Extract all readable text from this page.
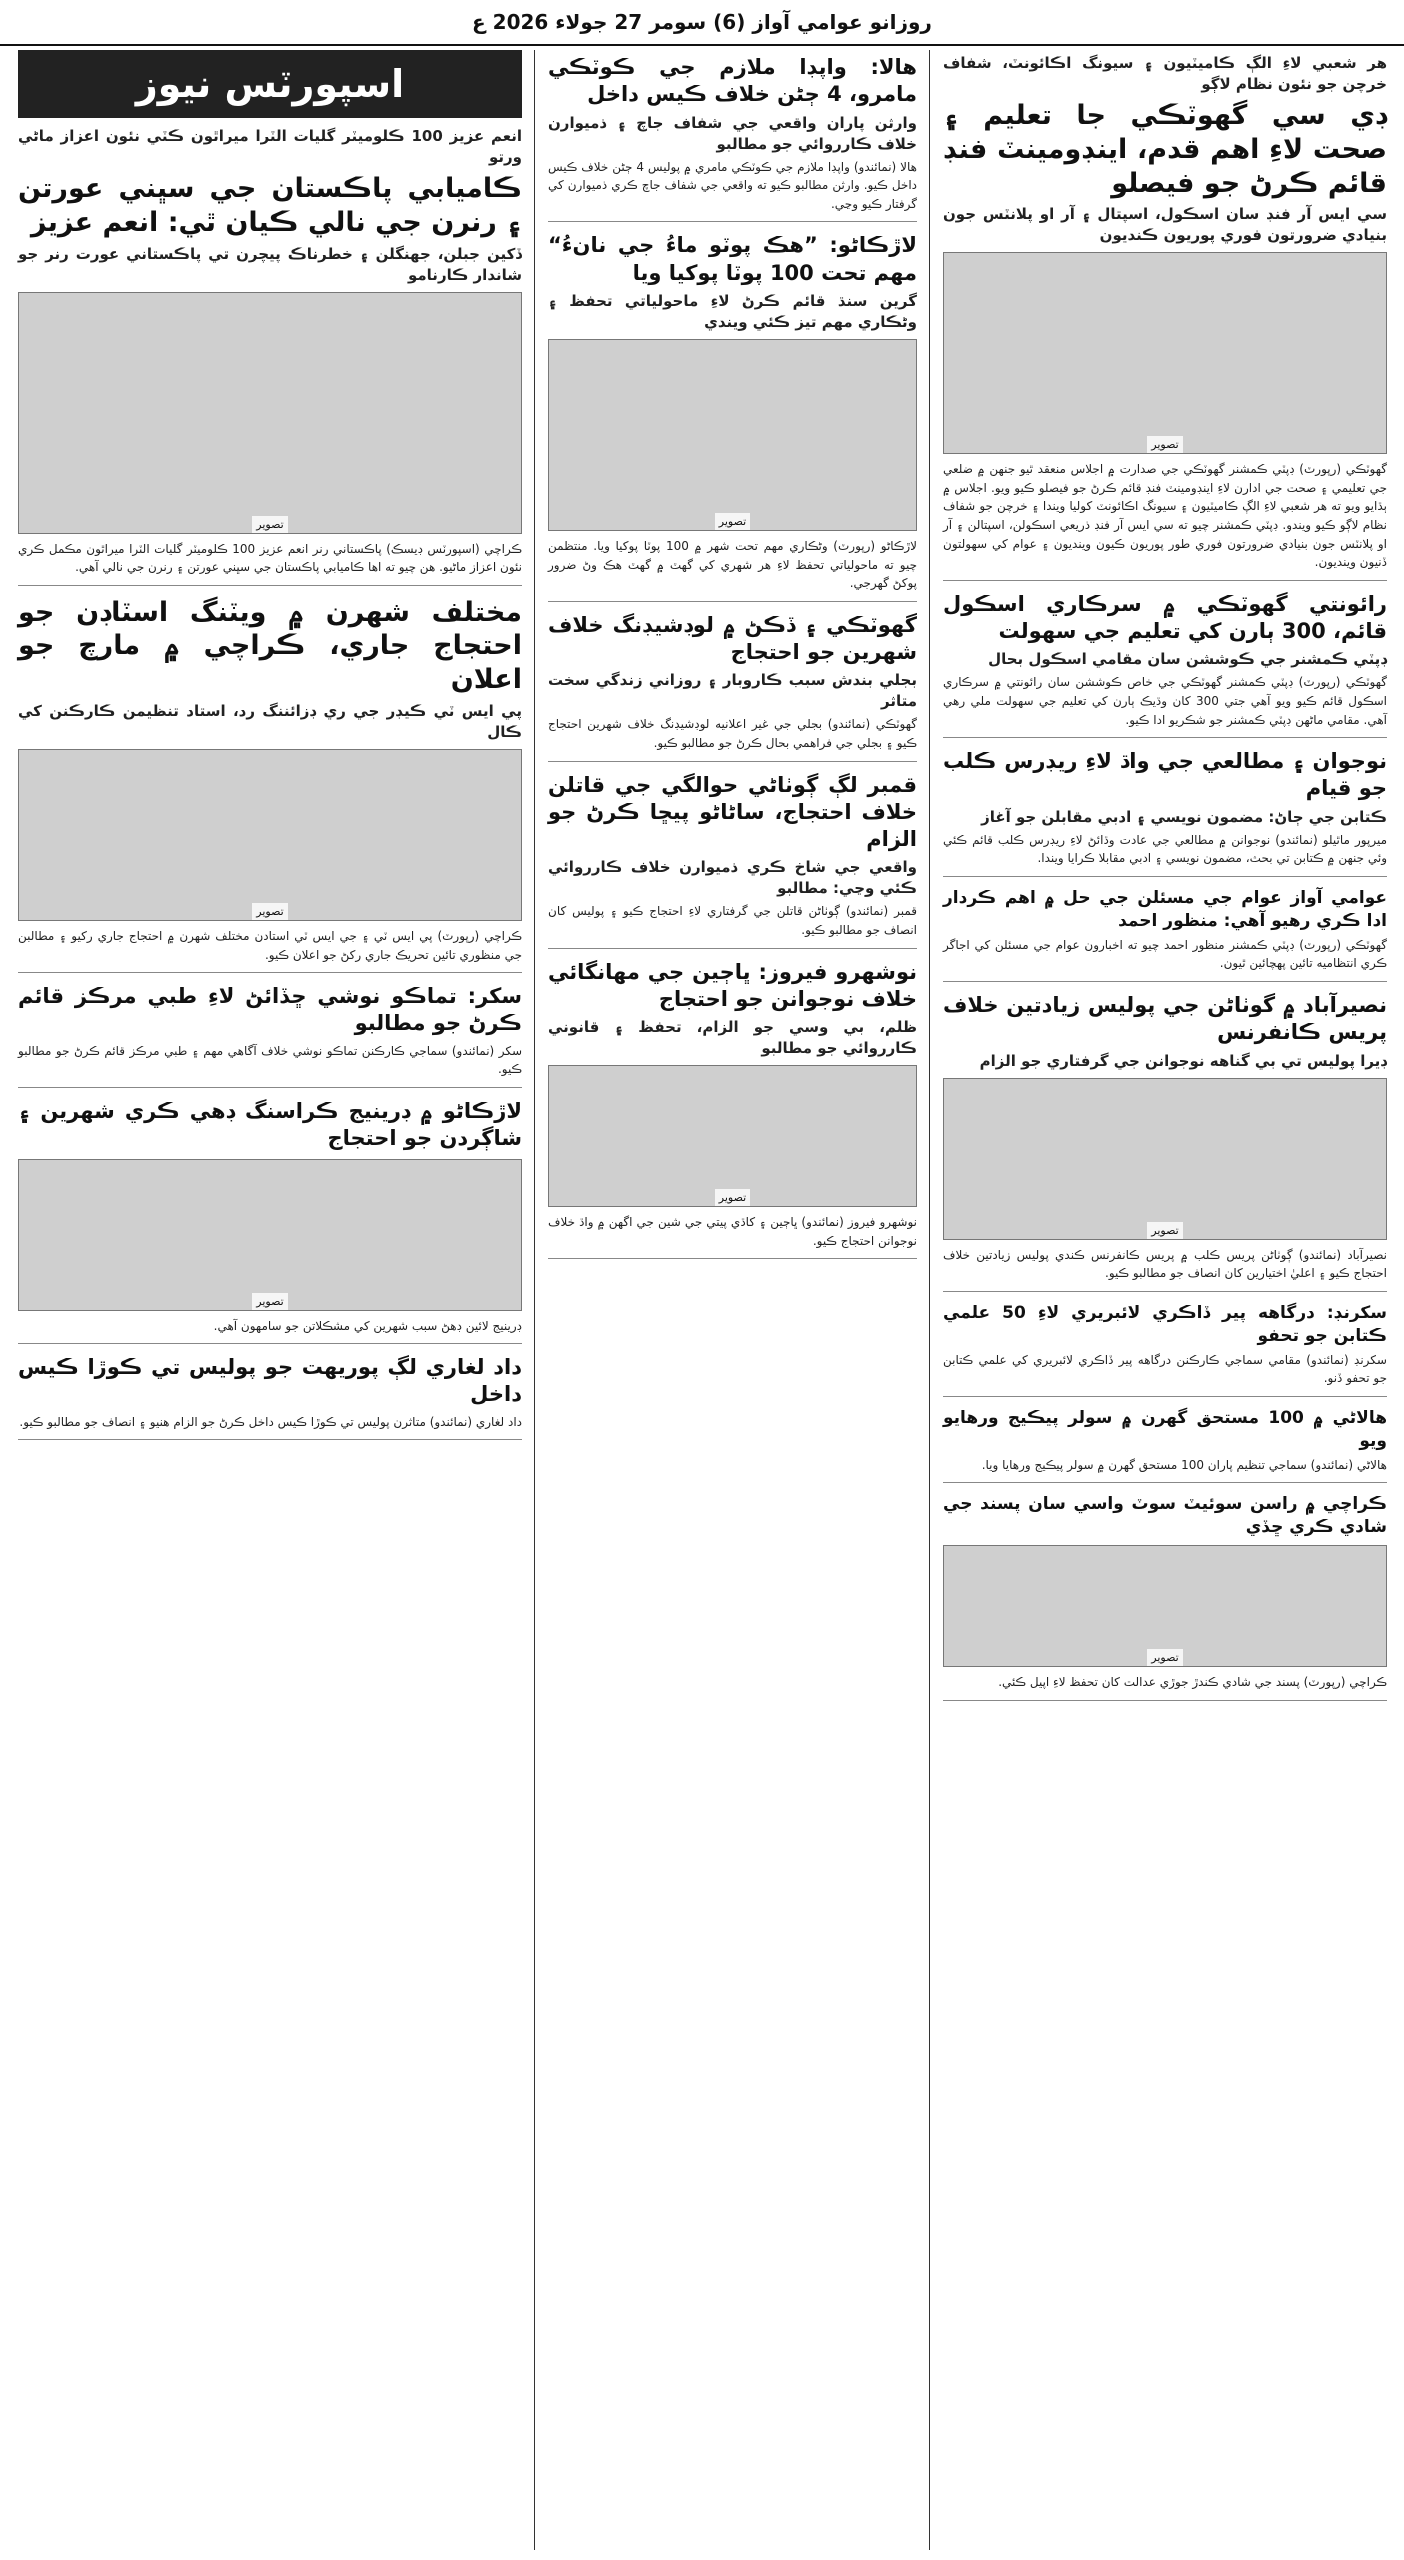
روزانو عوامي آواز (6) سومر 27 جولاء 2026 ع
هر شعبي لاءِ الڳ ڪاميٽيون ۽ سيونگ اڪائونٽ، شفاف خرچن جو نئون نظام لاڳو
ڊي سي گهوٽڪي جا تعليم ۽ صحت لاءِ اهم قدم، اينڊومينٽ فنڊ قائم ڪرڻ جو فيصلو
سي ايس آر فنڊ سان اسڪول، اسپتال ۽ آر او پلانٽس جون بنيادي ضرورتون فوري پوريون ڪنديون
تصوير

گهوٽڪي (رپورٽ) ڊپٽي ڪمشنر گهوٽڪي جي صدارت ۾ اجلاس منعقد ٿيو جنهن ۾ ضلعي جي تعليمي ۽ صحت جي ادارن لاءِ اينڊومينٽ فنڊ قائم ڪرڻ جو فيصلو ڪيو ويو. اجلاس ۾ ٻڌايو ويو ته هر شعبي لاءِ الڳ ڪاميٽيون ۽ سيونگ اڪائونٽ کوليا ويندا ۽ خرچن جو شفاف نظام لاڳو ڪيو ويندو. ڊپٽي ڪمشنر چيو ته سي ايس آر فنڊ ذريعي اسڪولن، اسپتالن ۽ آر او پلانٽس جون بنيادي ضرورتون فوري طور پوريون ڪيون وينديون ۽ عوام کي سهولتون ڏنيون وينديون.

رائونتي گهوٽڪي ۾ سرڪاري اسڪول قائم، 300 ٻارن کي تعليم جي سهولت
ڊپٽي ڪمشنر جي ڪوششن سان مقامي اسڪول بحال

گهوٽڪي (رپورٽ) ڊپٽي ڪمشنر گهوٽڪي جي خاص ڪوششن سان رائونتي ۾ سرڪاري اسڪول قائم ڪيو ويو آهي جتي 300 کان وڌيڪ ٻارن کي تعليم جي سهولت ملي رهي آهي. مقامي ماڻهن ڊپٽي ڪمشنر جو شڪريو ادا ڪيو.

نوجوان ۽ مطالعي جي واڌ لاءِ ريڊرس ڪلب جو قيام
ڪتابن جي ڄاڻ: مضمون نويسي ۽ ادبي مقابلن جو آغاز

ميرپور ماٿيلو (نمائندو) نوجوانن ۾ مطالعي جي عادت وڌائڻ لاءِ ريڊرس ڪلب قائم ڪئي وئي جنهن ۾ ڪتابن تي بحث، مضمون نويسي ۽ ادبي مقابلا ڪرايا ويندا.

عوامي آواز عوام جي مسئلن جي حل ۾ اهم ڪردار ادا ڪري رهيو آهي: منظور احمد

گهوٽڪي (رپورٽ) ڊپٽي ڪمشنر منظور احمد چيو ته اخبارون عوام جي مسئلن کي اجاگر ڪري انتظاميه تائين پهچائين ٿيون.

نصيرآباد ۾ گوٺاڻن جي پوليس زيادتين خلاف پريس ڪانفرنس
ڊيرا پوليس تي بي گناهه نوجوانن جي گرفتاري جو الزام
تصوير

نصيرآباد (نمائندو) ڳوٺاڻن پريس ڪلب ۾ پريس ڪانفرنس ڪندي پوليس زيادتين خلاف احتجاج ڪيو ۽ اعليٰ اختيارين کان انصاف جو مطالبو ڪيو.

سکرنڊ: درگاهه پير ڏاڪري لائبريري لاءِ 50 علمي ڪتابن جو تحفو

سکرنڊ (نمائندو) مقامي سماجي ڪارڪنن درگاهه پير ڏاڪري لائبريري کي علمي ڪتابن جو تحفو ڏنو.

هالاڻي ۾ 100 مستحق گهرن ۾ سولر پيڪيج ورهايو ويو

هالاڻي (نمائندو) سماجي تنظيم پاران 100 مستحق گهرن ۾ سولر پيڪيج ورهايا ويا.

ڪراچي ۾ راسن سوئيٽ سوٽ واسي سان پسند جي شادي ڪري ڇڏي
تصوير

ڪراچي (رپورٽ) پسند جي شادي ڪندڙ جوڙي عدالت کان تحفظ لاءِ اپيل ڪئي.

هالا: واپڊا ملازم جي ڪوٽڪي مامرو، 4 ڄڻن خلاف ڪيس داخل
وارثن پاران واقعي جي شفاف جاچ ۽ ذميوارن خلاف ڪارروائي جو مطالبو

هالا (نمائندو) واپڊا ملازم جي ڪوٽڪي مامري ۾ پوليس 4 ڄڻن خلاف ڪيس داخل ڪيو. وارثن مطالبو ڪيو ته واقعي جي شفاف جاچ ڪري ذميوارن کي گرفتار ڪيو وڃي.

لاڙڪاڻو: ”هڪ پوٽو ماءُ جي نانءُ“ مهم تحت 100 پوٽا پوکيا ويا
گرين سنڌ قائم ڪرڻ لاءِ ماحولياتي تحفظ ۽ وڻڪاري مهم تيز ڪئي ويندي
تصوير

لاڙڪاڻو (رپورٽ) وڻڪاري مهم تحت شهر ۾ 100 پوٽا پوکيا ويا. منتظمن چيو ته ماحولياتي تحفظ لاءِ هر شهري کي گهٽ ۾ گهٽ هڪ وڻ ضرور پوکڻ گهرجي.

گهوٽڪي ۽ ڏڪڻ ۾ لوڊشيڊنگ خلاف شهرين جو احتجاج
بجلي بندش سبب ڪاروبار ۽ روزاني زندگي سخت متاثر

گهوٽڪي (نمائندو) بجلي جي غير اعلانيه لوڊشيڊنگ خلاف شهرين احتجاج ڪيو ۽ بجلي جي فراهمي بحال ڪرڻ جو مطالبو ڪيو.

قمبر لڳ ڳوٺاڻي حوالگي جي قاتلن خلاف احتجاج، ساڻاڻو پيڇا ڪرڻ جو الزام
واقعي جي شاخ ڪري ذميوارن خلاف ڪارروائي ڪئي وڃي: مطالبو

قمبر (نمائندو) ڳوٺاڻن قاتلن جي گرفتاري لاءِ احتجاج ڪيو ۽ پوليس کان انصاف جو مطالبو ڪيو.

نوشهرو فيروز: ڀاڄين جي مهانگائي خلاف نوجوانن جو احتجاج
ظلم، بي وسي جو الزام، تحفظ ۽ قانوني ڪارروائي جو مطالبو
تصوير

نوشهرو فيروز (نمائندو) ڀاڄين ۽ کاڌي پيتي جي شين جي اگهن ۾ واڌ خلاف نوجوانن احتجاج ڪيو.

اسپورٽس نيوز
انعم عزيز 100 ڪلوميٽر گليات الٽرا ميراٿون ڪٽي نئون اعزاز ماڻي ورتو
ڪاميابي پاڪستان جي سڀني عورتن ۽ رنرن جي نالي ڪيان ٿي: انعم عزيز
ڏکين جبلن، جهنگلن ۽ خطرناڪ پيچرن تي پاڪستاني عورت رنر جو شاندار ڪارنامو
تصوير

ڪراچي (اسپورٽس ڊيسڪ) پاڪستاني رنر انعم عزيز 100 ڪلوميٽر گليات الٽرا ميراٿون مڪمل ڪري نئون اعزاز ماڻيو. هن چيو ته اها ڪاميابي پاڪستان جي سڀني عورتن ۽ رنرن جي نالي آهي.

مختلف شهرن ۾ ويٽنگ اسٽاڊن جو احتجاج جاري، ڪراچي ۾ مارچ جو اعلان
پي ايس ٽي ڪيڊر جي ري ڊزائننگ رد، استاد تنظيمن ڪارڪنن کي ڪال
تصوير

ڪراچي (رپورٽ) پي ايس ٽي ۽ جي ايس ٽي استادن مختلف شهرن ۾ احتجاج جاري رکيو ۽ مطالبن جي منظوري تائين تحريڪ جاري رکڻ جو اعلان ڪيو.

سکر: تماڪو نوشي ڇڏائڻ لاءِ طبي مرڪز قائم ڪرڻ جو مطالبو

سکر (نمائندو) سماجي ڪارڪنن تماڪو نوشي خلاف آگاهي مهم ۽ طبي مرڪز قائم ڪرڻ جو مطالبو ڪيو.

لاڙڪاڻو ۾ ڊرينيج ڪراسنگ ڊهي ڪري شهرين ۽ شاڳردن جو احتجاج
تصوير

ڊرينيج لائين ڊهڻ سبب شهرين کي مشڪلاتن جو سامهون آهي.

داد لغاري لڳ پوريهت جو پوليس تي ڪوڙا ڪيس داخل

داد لغاري (نمائندو) متاثرن پوليس تي ڪوڙا ڪيس داخل ڪرڻ جو الزام هنيو ۽ انصاف جو مطالبو ڪيو.
